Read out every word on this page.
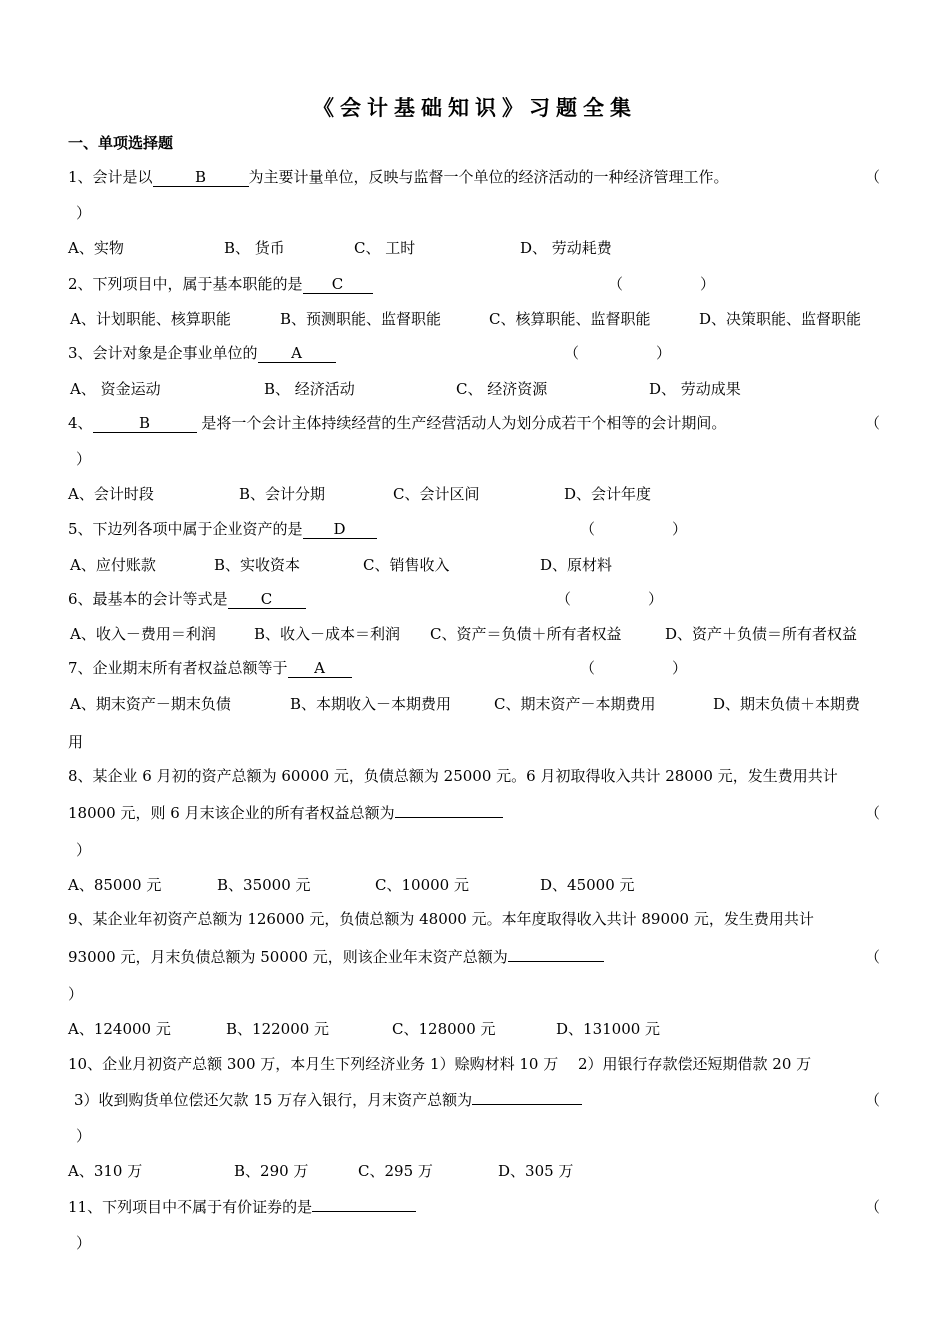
《会计基础知识》习题全集
一、单项选择题
1、会计是以	B	为主要计量单位，反映与监督一个单位的经济活动的一种经济管理工作。	（
）
A、实物	B、 货币	C、 工时	D、 劳动耗费
2、下列项目中，属于基本职能的是 C	（	）
A、计划职能、核算职能	B、预测职能、监督职能	C、核算职能、监督职能	D、决策职能、监督职能
3、会计对象是企事业单位的 A	（	）
A、 资金运动	B、 经济活动	C、 经济资源	D、 劳动成果
4、	B	是将一个会计主体持续经营的生产经营活动人为划分成若干个相等的会计期间。	（
）
A、会计时段	B、会计分期	C、会计区间	D、会计年度
5、下边列各项中属于企业资产的是 D	（	）
A、应付账款	B、实收资本	C、销售收入	D、原材料
6、最基本的会计等式是 C	（	）
A、收入－费用＝利润	B、收入－成本＝利润 C、资产＝负债＋所有者权益	D、资产＋负债＝所有者权益
7、企业期末所有者权益总额等于 A	（	）
A、期末资产－期末负债	B、本期收入－本期费用	C、期末资产－本期费用	D、期末负债＋本期费
用
8、某企业 6 月初的资产总额为 60000 元，负债总额为 25000 元。6 月初取得收入共计 28000 元，发生费用共计
18000 元，则 6 月末该企业的所有者权益总额为	（
）
A、85000 元	B、35000 元	C、10000 元	D、45000 元
9、某企业年初资产总额为 126000 元，负债总额为 48000 元。本年度取得收入共计 89000 元，发生费用共计
93000 元，月末负债总额为 50000 元，则该企业年末资产总额为	（
）
A、124000 元	B、122000 元	C、128000 元	D、131000 元
10、企业月初资产总额 300 万，本月生下列经济业务 1）赊购材料 10 万　 2）用银行存款偿还短期借款 20 万
3）收到购货单位偿还欠款 15 万存入银行，月末资产总额为	（
）
A、310 万	B、290 万	C、295 万	D、305 万
11、下列项目中不属于有价证券的是	（
）
